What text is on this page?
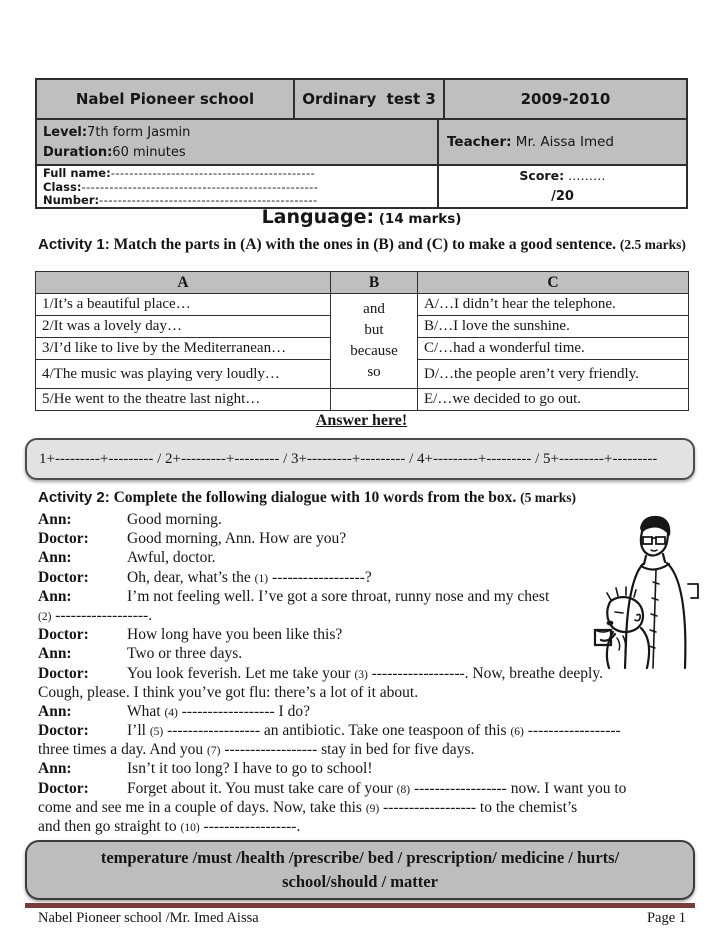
Nabel Pioneer school	Ordinary  test 3	2009-2010
Level:7th form Jasmin
Duration:60 minutes
Teacher: Mr. Aissa Imed
Full name:--------------------------------------------
Class:---------------------------------------------------
Number:-----------------------------------------------
Score: ………
/20
Language: (14 marks)
Activity 1: Match the parts in (A) with the ones in (B) and (C) to make a good sentence. (2.5 marks)
A	B	C
1/It’s a beautiful place…	and
but
because
so	A/…I didn’t hear the telephone.
2/It was a lovely day…		B/…I love the sunshine.
3/I’d like to live by the Mediterranean…		C/…had a wonderful time.
4/The music was playing very loudly…		D/…the people aren’t very friendly.
5/He went to the theatre last night…		E/…we decided to go out.
Answer here!
1+---------+--------- / 2+---------+--------- / 3+---------+--------- / 4+---------+--------- / 5+---------+---------
Activity 2: Complete the following dialogue with 10 words from the box. (5 marks)
Ann:	Good morning.
Doctor: Good morning, Ann. How are you?
Ann:	Awful, doctor.
Doctor: Oh, dear, what’s the (1) ------------------?
Ann:	I’m not feeling well. I’ve got a sore throat, runny nose and my chest
(2) ------------------.
Doctor: How long have you been like this?
Ann:	Two or three days.
Doctor: You look feverish. Let me take your (3) ------------------. Now, breathe deeply.
Cough, please. I think you’ve got flu: there’s a lot of it about.
Ann:	What (4) ------------------ I do?
Doctor: I’ll (5) ------------------ an antibiotic. Take one teaspoon of this (6) ------------------
three times a day. And you (7) ------------------ stay in bed for five days.
Ann:	Isn’t it too long? I have to go to school!
Doctor: Forget about it. You must take care of your (8) ------------------ now. I want you to
come and see me in a couple of days. Now, take this (9) ------------------ to the chemist’s
and then go straight to (10) ------------------.
temperature /must /health /prescribe/ bed / prescription/ medicine / hurts/
school/should / matter
Nabel Pioneer school /Mr. Imed Aissa	Page 1
